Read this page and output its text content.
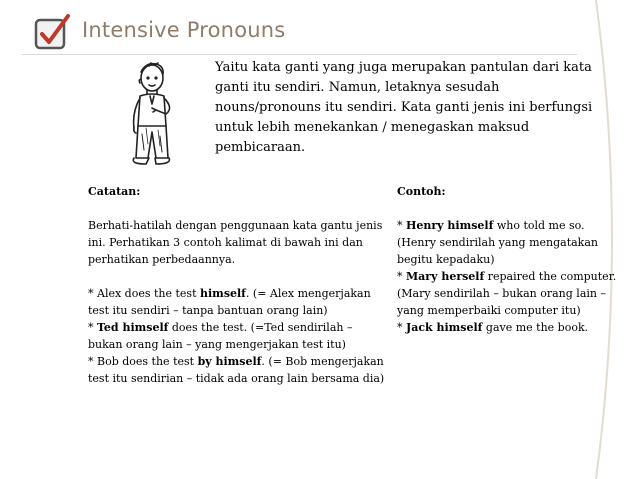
Intensive Pronouns
Yaitu kata ganti yang juga merupakan pantulan dari kata ganti itu sendiri. Namun, letaknya sesudah nouns/pronouns itu sendiri. Kata ganti jenis ini berfungsi untuk lebih menekankan / menegaskan maksud pembicaraan.
Catatan:

Berhati-hatilah dengan penggunaan kata gantu jenis ini. Perhatikan 3 contoh kalimat di bawah ini dan perhatikan perbedaannya.

* Alex does the test himself. (= Alex mengerjakan test itu sendiri – tanpa bantuan orang lain)

* Ted himself does the test. (=Ted sendirilah – bukan orang lain – yang mengerjakan test itu)

* Bob does the test by himself. (= Bob mengerjakan test itu sendirian – tidak ada orang lain bersama dia)

Contoh:

* Henry himself who told me so. (Henry sendirilah yang mengatakan begitu kepadaku)

* Mary herself repaired the computer. (Mary sendirilah – bukan orang lain – yang memperbaiki computer itu)

* Jack himself gave me the book.
